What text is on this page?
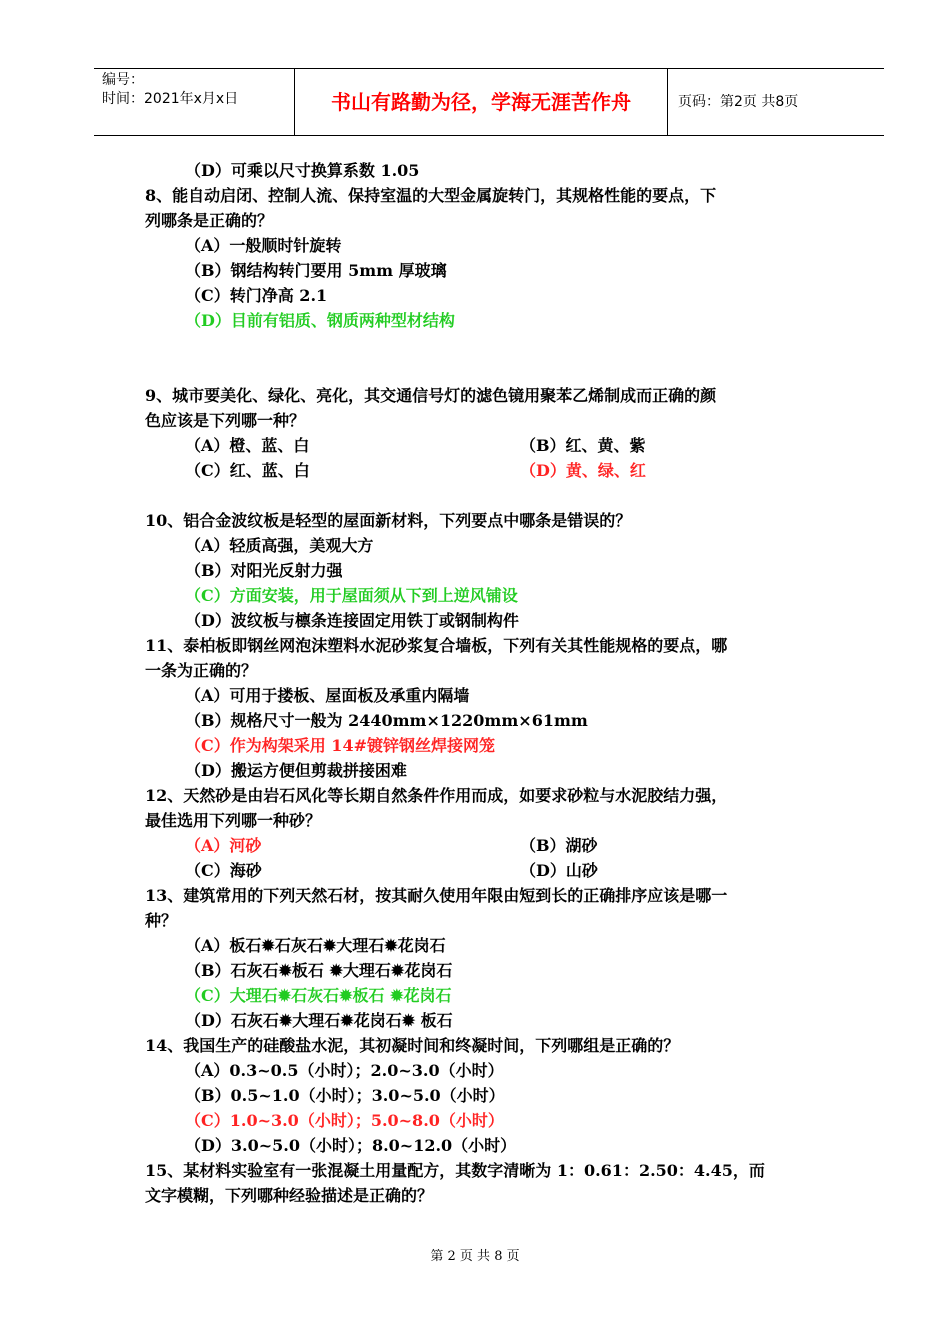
编号：
时间：2021年x月x日	书山有路勤为径，学海无涯苦作舟	页码：第2页 共8页
（D）可乘以尺寸换算系数 1.05
8、能自动启闭、控制人流、保持室温的大型金属旋转门，其规格性能的要点，下
列哪条是正确的？
（A）一般顺时针旋转
（B）钢结构转门要用 5mm 厚玻璃
（C）转门净高 2.1
（D）目前有铝质、钢质两种型材结构
9、城市要美化、绿化、亮化，其交通信号灯的滤色镜用聚苯乙烯制成而正确的颜
色应该是下列哪一种？
（A）橙、蓝、白	（B）红、黄、紫
（C）红、蓝、白	（D）黄、绿、红
10、铝合金波纹板是轻型的屋面新材料，下列要点中哪条是错误的？
（A）轻质高强，美观大方
（B）对阳光反射力强
（C）方面安装，用于屋面须从下到上逆风铺设
（D）波纹板与檩条连接固定用铁丁或钢制构件
11、泰柏板即钢丝网泡沫塑料水泥砂浆复合墙板，下列有关其性能规格的要点，哪
一条为正确的？
（A）可用于搂板、屋面板及承重内隔墙
（B）规格尺寸一般为 2440mm×1220mm×61mm
（C）作为构架采用 14#镀锌钢丝焊接网笼
（D）搬运方便但剪裁拼接困难
12、天然砂是由岩石风化等长期自然条件作用而成，如要求砂粒与水泥胶结力强，
最佳选用下列哪一种砂？
（A）河砂	（B）湖砂
（C）海砂	（D）山砂
13、建筑常用的下列天然石材，按其耐久使用年限由短到长的正确排序应该是哪一
种？
（A）板石✹石灰石✹大理石✹花岗石
（B）石灰石✹板石 ✹大理石✹花岗石
（C）大理石✹石灰石✹板石 ✹花岗石
（D）石灰石✹大理石✹花岗石✹ 板石
14、我国生产的硅酸盐水泥，其初凝时间和终凝时间，下列哪组是正确的？
（A）0.3~0.5（小时）；2.0~3.0（小时）
（B）0.5~1.0（小时）；3.0~5.0（小时）
（C）1.0~3.0（小时）；5.0~8.0（小时）
（D）3.0~5.0（小时）；8.0~12.0（小时）
15、某材料实验室有一张混凝土用量配方，其数字清晰为 1：0.61：2.50：4.45，而
文字模糊，下列哪种经验描述是正确的？
第 2 页 共 8 页
